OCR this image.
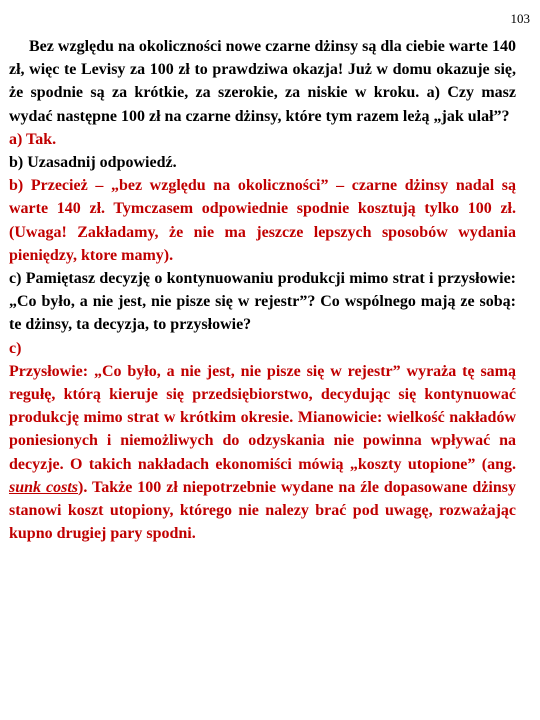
103

Bez względu na okoliczności nowe czarne dżinsy są dla ciebie warte 140 zł, więc te Levisy za 100 zł to prawdziwa okazja! Już w domu okazuje się, że spodnie są za krótkie, za szerokie, za niskie w kroku. a) Czy masz wydać następne 100 zł na czarne dżinsy, które tym razem leżą „jak ulał”?

a) Tak.

b) Uzasadnij odpowiedź.

b) Przecież – „bez względu na okoliczności” – czarne dżinsy nadal są warte 140 zł. Tymczasem odpowiednie spodnie kosztują tylko 100 zł. (Uwaga! Zakładamy, że nie ma jeszcze lepszych sposobów wydania pieniędzy, ktore mamy).

c) Pamiętasz decyzję o kontynuowaniu produkcji mimo strat i przysłowie: „Co było, a nie jest, nie pisze się w rejestr”? Co wspólnego mają ze sobą: te dżinsy, ta decyzja, to przysłowie?

c)

Przysłowie: „Co było, a nie jest, nie pisze się w rejestr” wyraża tę samą regułę, którą kieruje się przedsiębiorstwo, decydując się kontynuować produkcję mimo strat w krótkim okresie. Mianowicie: wielkość nakładów poniesionych i niemożliwych do odzyskania nie powinna wpływać na decyzje. O takich nakładach ekonomiści mówią „koszty utopione” (ang. sunk costs). Także 100 zł niepotrzebnie wydane na źle dopasowane dżinsy stanowi koszt utopiony, którego nie nalezy brać pod uwagę, rozważając kupno drugiej pary spodni.
